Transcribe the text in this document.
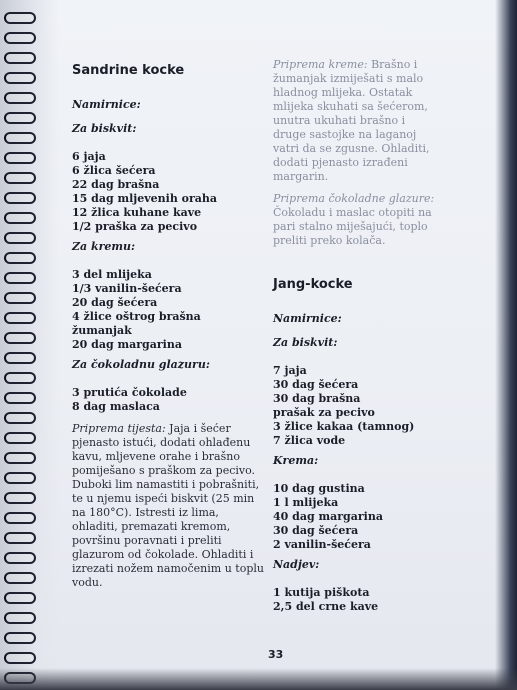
Sandrine kocke
Namirnice:
Za biskvit:
6 jaja
6 žlica šećera
22 dag brašna
15 dag mljevenih oraha
12 žlica kuhane kave
1/2 praška za pecivo
Za kremu:
3 del mlijeka
1/3 vanilin-šećera
20 dag šećera
4 žlice oštrog brašna
žumanjak
20 dag margarina
Za čokoladnu glazuru:
3 prutića čokolade
8 dag maslaca
Priprema tijesta: Jaja i šećer pjenasto istući, dodati ohlađenu kavu, mljevene orahe i brašno pomiješano s praškom za pecivo. Duboki lim namastiti i pobrašniti, te u njemu ispeći biskvit (25 min na 180°C). Istresti iz lima, ohladiti, premazati kremom, površinu poravnati i preliti glazurom od čokolade. Ohladiti i izrezati nožem namočenim u toplu vodu.
Priprema kreme: Brašno i žumanjak izmiješati s malo hladnog mlijeka. Ostatak mlijeka skuhati sa šećerom, unutra ukuhati brašno i druge sastojke na laganoj vatri da se zgusne. Ohladiti, dodati pjenasto izrađeni margarin.
Priprema čokoladne glazure: Čokoladu i maslac otopiti na pari stalno miješajući, toplo preliti preko kolača.
Jang-kocke
Namirnice:
Za biskvit:
7 jaja
30 dag šećera
30 dag brašna
prašak za pecivo
3 žlice kakaa (tamnog)
7 žlica vode
Krema:
10 dag gustina
1 l mlijeka
40 dag margarina
30 dag šećera
2 vanilin-šećera
Nadjev:
1 kutija piškota
2,5 del crne kave
33
